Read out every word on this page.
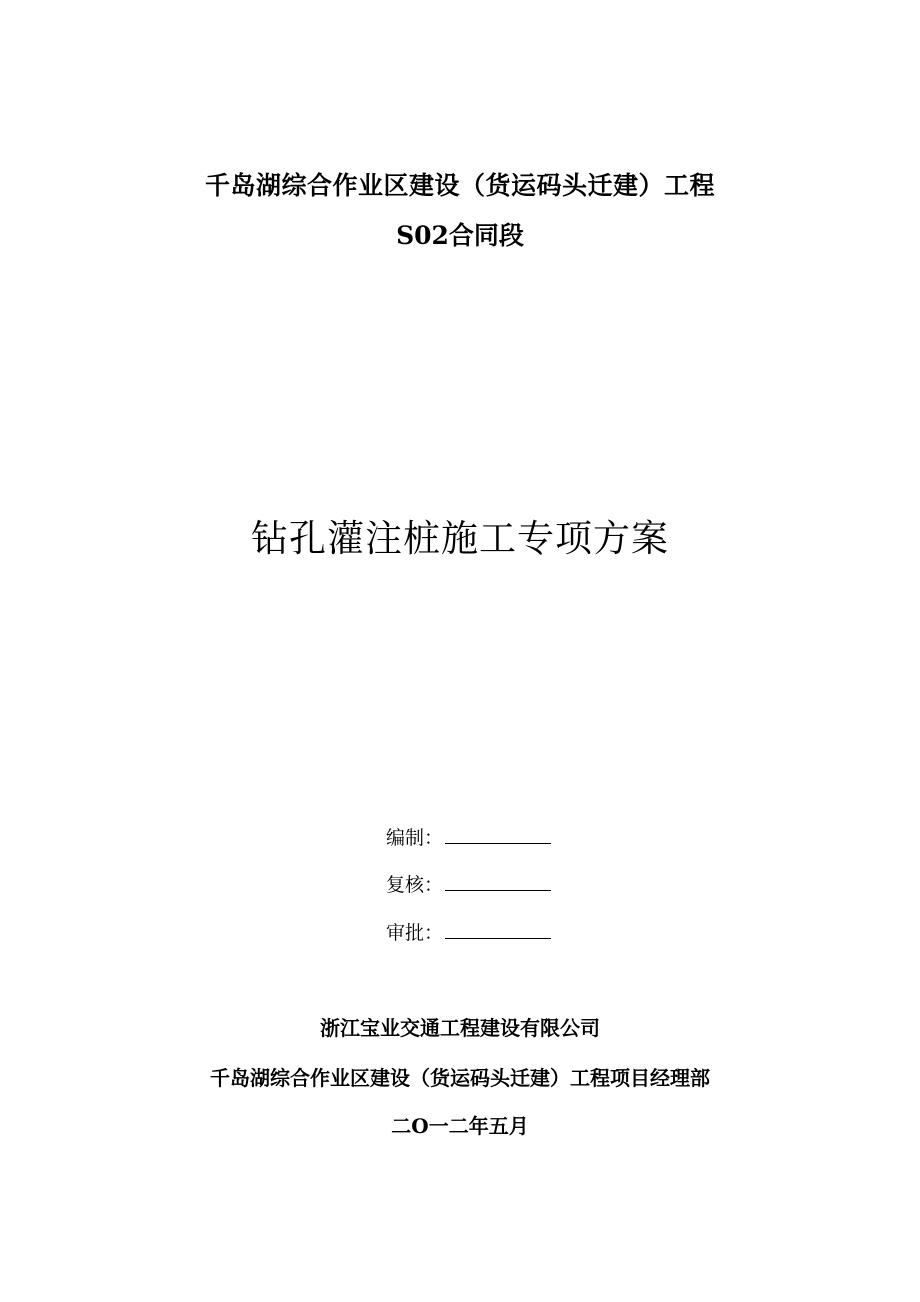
千岛湖综合作业区建设（货运码头迁建）工程
S02合同段
钻孔灌注桩施工专项方案
编制：
复核：
审批：
浙江宝业交通工程建设有限公司
千岛湖综合作业区建设（货运码头迁建）工程项目经理部
二O一二年五月
